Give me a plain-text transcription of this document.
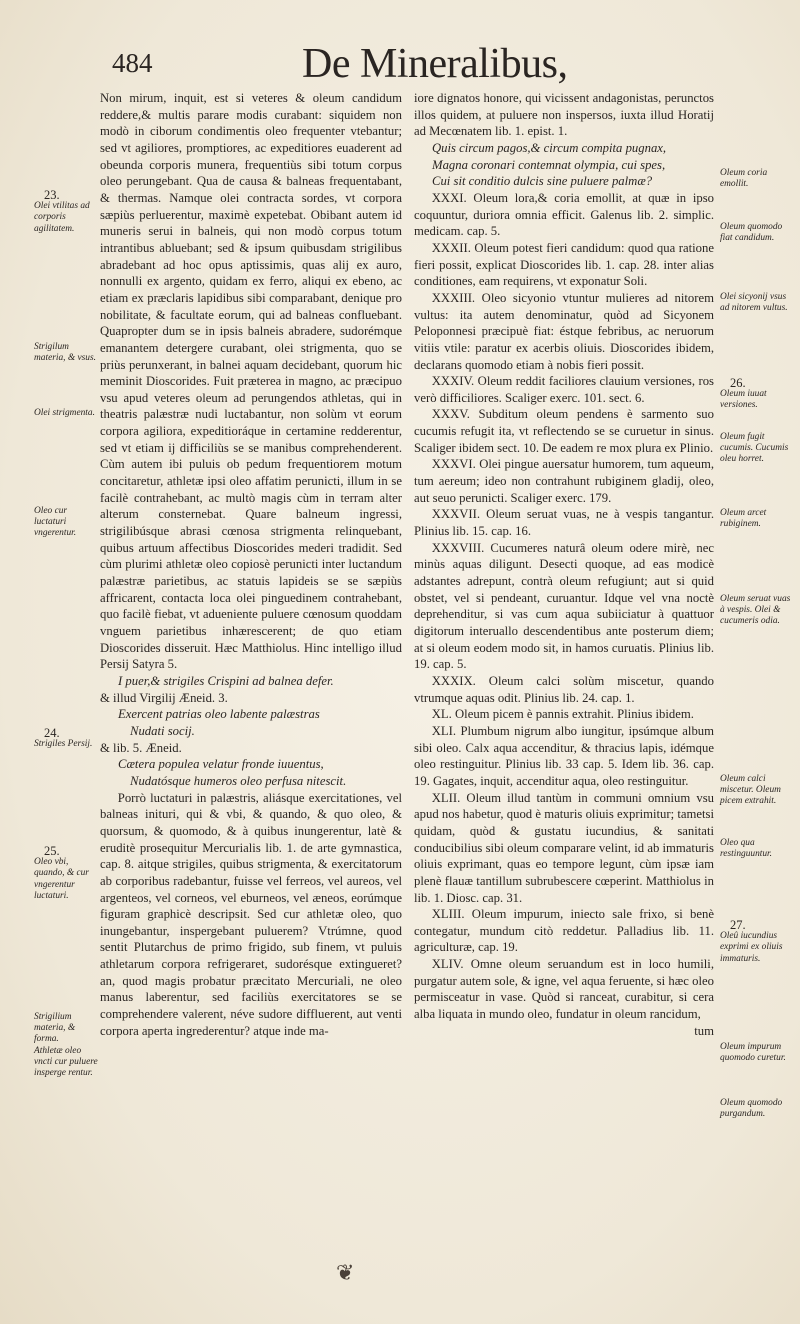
484	De Mineralibus,
Non mirum, inquit, est si veteres & oleum candidum reddere,& multis parare modis curabant: siquidem non modò in ciborum condimentis oleo frequenter vtebantur; sed vt agiliores, promptiores, ac expeditiores euaderent ad obeunda corporis munera, frequentiùs sibi totum corpus oleo perungebant. Qua de causa & balneas frequentabant, & thermas. Namque olei contracta sordes, vt corpora sæpiùs perluerentur, maximè expetebat. Obibant autem id muneris serui in balneis, qui non modò corpus totum intrantibus abluebant; sed & ipsum quibusdam strigilibus abradebant ad hoc opus aptissimis, quas alij ex auro, nonnulli ex argento, quidam ex ferro, aliqui ex ebeno, ac etiam ex præclaris lapidibus sibi comparabant, denique pro nobilitate, & facultate eorum, qui ad balneas confluebant. Quapropter dum se in ipsis balneis abradere, sudorémque emanantem detergere curabant, olei strigmenta, quo se priùs perunxerant, in balnei aquam decidebant, quorum hic meminit Dioscorides. Fuit præterea in magno, ac præcipuo vsu apud veteres oleum ad perungendos athletas, qui in theatris palæstræ nudi luctabantur, non solùm vt eorum corpora agiliora, expeditioráque in certamine redderentur, sed vt etiam ij difficiliùs se se manibus comprehenderent. Cùm autem ibi puluis ob pedum frequentiorem motum concitaretur, athletæ ipsi oleo affatim perunicti, illum in se facilè contrahebant, ac multò magis cùm in terram alter alterum consternebat. Quare balneum ingressi, strigilibúsque abrasi cœnosa strigmenta relinquebant, quibus artuum affectibus Dioscorides mederi tradidit. Sed cùm plurimi athletæ oleo copiosè perunicti inter luctandum palæstræ parietibus, ac statuis lapideis se se sæpiùs affricarent, contacta loca olei pinguedinem contrahebant, quo facilè fiebat, vt adueniente puluere cœnosum quoddam vnguem parietibus inhærescerent; de quo etiam Dioscorides disseruit. Hæc Matthiolus. Hinc intelligo illud Persij Satyra 5.
I puer,& strigiles Crispini ad balnea defer.
& illud Virgilij Æneid. 3.
Exercent patrias oleo labente palæstras
Nudati socij.
& lib. 5. Æneid.
Cætera populea velatur fronde iuuentus,
Nudatósque humeros oleo perfusa nitescit.
Porrò luctaturi in palæstris, aliásque exercitationes, vel balneas inituri, qui & vbi, & quando, & quo oleo, & quorsum, & quomodo, & à quibus inungerentur, latè & eruditè prosequitur Mercurialis lib. 1. de arte gymnastica, cap. 8. aitque strigiles, quibus strigmenta, & exercitatorum ab corporibus radebantur, fuisse vel ferreos, vel aureos, vel argenteos, vel corneos, vel eburneos, vel æneos, eorúmque figuram graphicè descripsit. Sed cur athletæ oleo, quo inungebantur, inspergebant puluerem? Vtrúmne, quod sentit Plutarchus de primo frigido, sub finem, vt puluis athletarum corpora refrigeraret, sudorésque extingueret? an, quod magis probatur præcitato Mercuriali, ne oleo manus laberentur, sed faciliùs exercitatores se se comprehendere valerent, néve sudore diffluerent, aut venti corpora aperta ingrederentur? atque inde ma-
iore dignatos honore, qui vicissent andagonistas, perunctos illos quidem, at puluere non inspersos, iuxta illud Horatij ad Mecœnatem lib. 1. epist. 1.
Quis circum pagos,& circum compita pugnax,
Magna coronari contemnat olympia, cui spes,
Cui sit conditio dulcis sine puluere palmæ?
XXXI. Oleum lora,& coria emollit, at quæ in ipso coquuntur, duriora omnia efficit. Galenus lib. 2. simplic. medicam. cap. 5.
XXXII. Oleum potest fieri candidum: quod qua ratione fieri possit, explicat Dioscorides lib. 1. cap. 28. inter alias conditiones, eam requirens, vt exponatur Soli.
XXXIII. Oleo sicyonio vtuntur mulieres ad nitorem vultus: ita autem denominatur, quòd ad Sicyonem Peloponnesi præcipuè fiat: éstque febribus, ac neruorum vitiis vtile: paratur ex acerbis oliuis. Dioscorides ibidem, declarans quomodo etiam à nobis fieri possit.
XXXIV. Oleum reddit faciliores clauium versiones, ros verò difficiliores. Scaliger exerc. 101. sect. 6.
XXXV. Subditum oleum pendens è sarmento suo cucumis refugit ita, vt reflectendo se se curuetur in sinus. Scaliger ibidem sect. 10. De eadem re mox plura ex Plinio.
XXXVI. Olei pingue auersatur humorem, tum aqueum, tum aereum; ideo non contrahunt rubiginem gladij, oleo, aut seuo perunicti. Scaliger exerc. 179.
XXXVII. Oleum seruat vuas, ne à vespis tangantur. Plinius lib. 15. cap. 16.
XXXVIII. Cucumeres naturâ oleum odere mirè, nec minùs aquas diligunt. Desecti quoque, ad eas modicè adstantes adrepunt, contrà oleum refugiunt; aut si quid obstet, vel si pendeant, curuantur. Idque vel vna noctè deprehenditur, si vas cum aqua subiiciatur à quattuor digitorum interuallo descendentibus ante posterum diem; at si oleum eodem modo sit, in hamos curuatis. Plinius lib. 19. cap. 5.
XXXIX. Oleum calci solùm miscetur, quando vtrumque aquas odit. Plinius lib. 24. cap. 1.
XL. Oleum picem è pannis extrahit. Plinius ibidem.
XLI. Plumbum nigrum albo iungitur, ipsúmque album sibi oleo. Calx aqua accenditur, & thracius lapis, idémque oleo restinguitur. Plinius lib. 33 cap. 5. Idem lib. 36. cap. 19. Gagates, inquit, accenditur aqua, oleo restinguitur.
XLII. Oleum illud tantùm in communi omnium vsu apud nos habetur, quod è maturis oliuis exprimitur; tametsi quidam, quòd & gustatu iucundius, & sanitati conducibilius sibi oleum comparare velint, id ab immaturis oliuis exprimant, quas eo tempore legunt, cùm ipsæ iam plenè flauæ tantillum subrubescere cœperint. Matthiolus in lib. 1. Diosc. cap. 31.
XLIII. Oleum impurum, iniecto sale frixo, si benè contegatur, mundum citò reddetur. Palladius lib. 11. agriculturæ, cap. 19.
XLIV. Omne oleum seruandum est in loco humili, purgatur autem sole, & igne, vel aqua feruente, si hæc oleo permisceatur in vase. Quòd si ranceat, curabitur, si cera alba liquata in mundo oleo, fundatur in oleum rancidum,
tum
23.
Olei vtilitas ad corporis agilitatem.
Strigilum materia, & vsus.
Olei strigmenta.
Oleo cur luctaturi vngerentur.
24.
Strigiles Persij.
25.
Oleo vbi, quando, & cur vngerentur luctaturi.
Strigilium materia, & forma.
Athletæ oleo vncti cur puluere insperge rentur.
Oleum coria emollit.
Oleum quomodo fiat candidum.
Olei sicyonij vsus ad nitorem vultus.
26.
Oleum iuuat versiones.
Oleum fugit cucumis. Cucumis oleu horret.
Oleum arcet rubiginem.
Oleum seruat vuas à vespis. Olei & cucumeris odia.
Oleum calci miscetur. Oleum picem extrahit.
Oleo qua restinguuntur.
27.
Oleû iucundius exprimi ex oliuis immaturis.
Oleum impurum quomodo curetur.
Oleum quomodo purgandum.
❦
